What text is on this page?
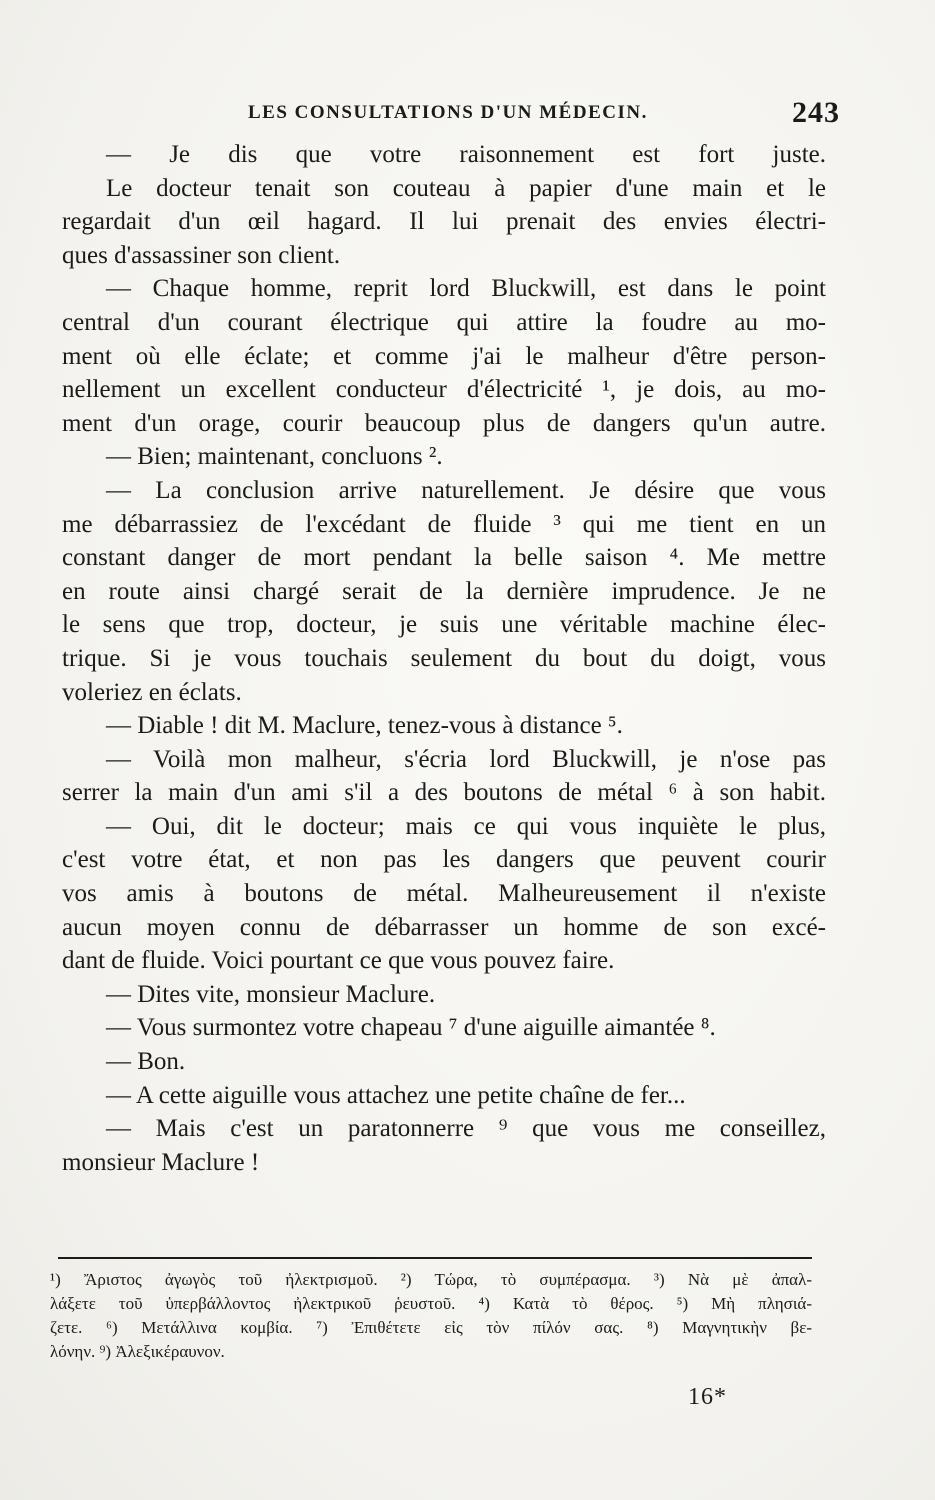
LES CONSULTATIONS D'UN MÉDECIN.	243
— Je dis que votre raisonnement est fort juste.
Le docteur tenait son couteau à papier d'une main et le
regardait d'un œil hagard. Il lui prenait des envies électri-
ques d'assassiner son client.
— Chaque homme, reprit lord Bluckwill, est dans le point
central d'un courant électrique qui attire la foudre au mo-
ment où elle éclate; et comme j'ai le malheur d'être person-
nellement un excellent conducteur d'électricité ¹, je dois, au mo-
ment d'un orage, courir beaucoup plus de dangers qu'un autre.
— Bien; maintenant, concluons ².
— La conclusion arrive naturellement. Je désire que vous
me débarrassiez de l'excédant de fluide ³ qui me tient en un
constant danger de mort pendant la belle saison ⁴. Me mettre
en route ainsi chargé serait de la dernière imprudence. Je ne
le sens que trop, docteur, je suis une véritable machine élec-
trique. Si je vous touchais seulement du bout du doigt, vous
voleriez en éclats.
— Diable ! dit M. Maclure, tenez-vous à distance ⁵.
— Voilà mon malheur, s'écria lord Bluckwill, je n'ose pas
serrer la main d'un ami s'il a des boutons de métal ⁶ à son habit.
— Oui, dit le docteur; mais ce qui vous inquiète le plus,
c'est votre état, et non pas les dangers que peuvent courir
vos amis à boutons de métal. Malheureusement il n'existe
aucun moyen connu de débarrasser un homme de son excé-
dant de fluide. Voici pourtant ce que vous pouvez faire.
— Dites vite, monsieur Maclure.
— Vous surmontez votre chapeau ⁷ d'une aiguille aimantée ⁸.
— Bon.
— A cette aiguille vous attachez une petite chaîne de fer...
— Mais c'est un paratonnerre ⁹ que vous me conseillez,
monsieur Maclure !
¹) Ἄριστος ἀγωγὸς τοῦ ἠλεκτρισμοῦ. ²) Τώρα, τὸ συμπέρασμα. ³) Νὰ μὲ ἀπαλ-
λάξετε τοῦ ὑπερβάλλοντος ἠλεκτρικοῦ ῥευστοῦ. ⁴) Κατὰ τὸ θέρος. ⁵) Μὴ πλησιά-
ζετε. ⁶) Μετάλλινα κομβία. ⁷) Ἐπιθέτετε εἰς τὸν πίλόν σας. ⁸) Μαγνητικὴν βε-
λόνην. ⁹) Ἀλεξικέραυνον.
16*
